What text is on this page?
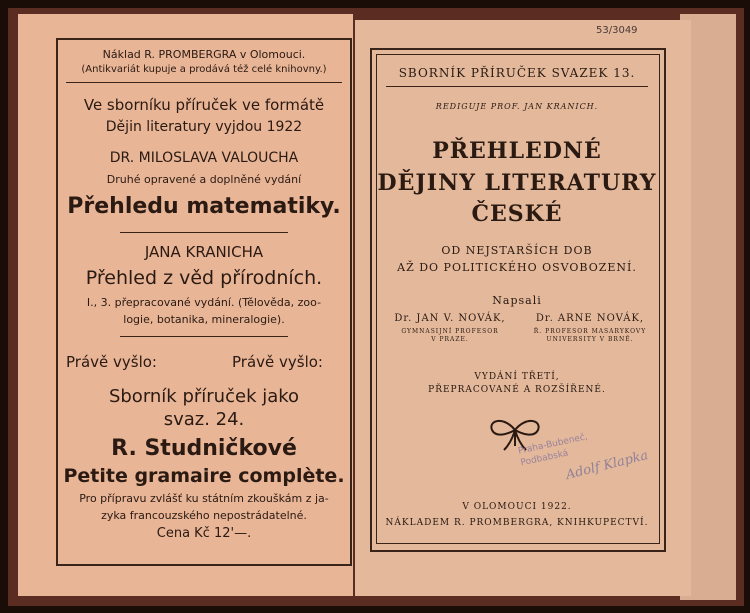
Náklad R. PROMBERGRA v Olomouci.
(Antikvariát kupuje a prodává též celé knihovny.)
Ve sborníku příruček ve formátě
Dějin literatury vyjdou 1922
DR. MILOSLAVA VALOUCHA
Druhé opravené a doplněné vydání
Přehledu matematiky.
JANA KRANICHA
Přehled z věd přírodních.
I., 3. přepracované vydání. (Tělověda, zoo-
logie, botanika, mineralogie).
Právě vyšlo:	Právě vyšlo:
Sborník příruček jako
svaz. 24.
R. Studničkové
Petite gramaire complète.
Pro přípravu zvlášť ku státním zkouškám z ja-
zyka francouzského nepostrádatelné.
Cena Kč 12'—.
53/3049
SBORNÍK PŘÍRUČEK SVAZEK 13.
REDIGUJE PROF. JAN KRANICH.
PŘEHLEDNÉ
DĚJINY LITERATURY
ČESKÉ
OD NEJSTARŠÍCH DOB
AŽ DO POLITICKÉHO OSVOBOZENÍ.
Napsali
Dr. JAN V. NOVÁK,
GYMNASIJNÍ PROFESOR
V PRAZE.
Dr. ARNE NOVÁK,
Ř. PROFESOR MASARYKOVY
UNIVERSITY V BRNĚ.
VYDÁNÍ TŘETÍ,
PŘEPRACOVANÉ A ROZŠÍŘENÉ.
Praha-Bubeneč, Podbabská
Adolf Klapka
V OLOMOUCI 1922.
NÁKLADEM R. PROMBERGRA, KNIHKUPECTVÍ.
